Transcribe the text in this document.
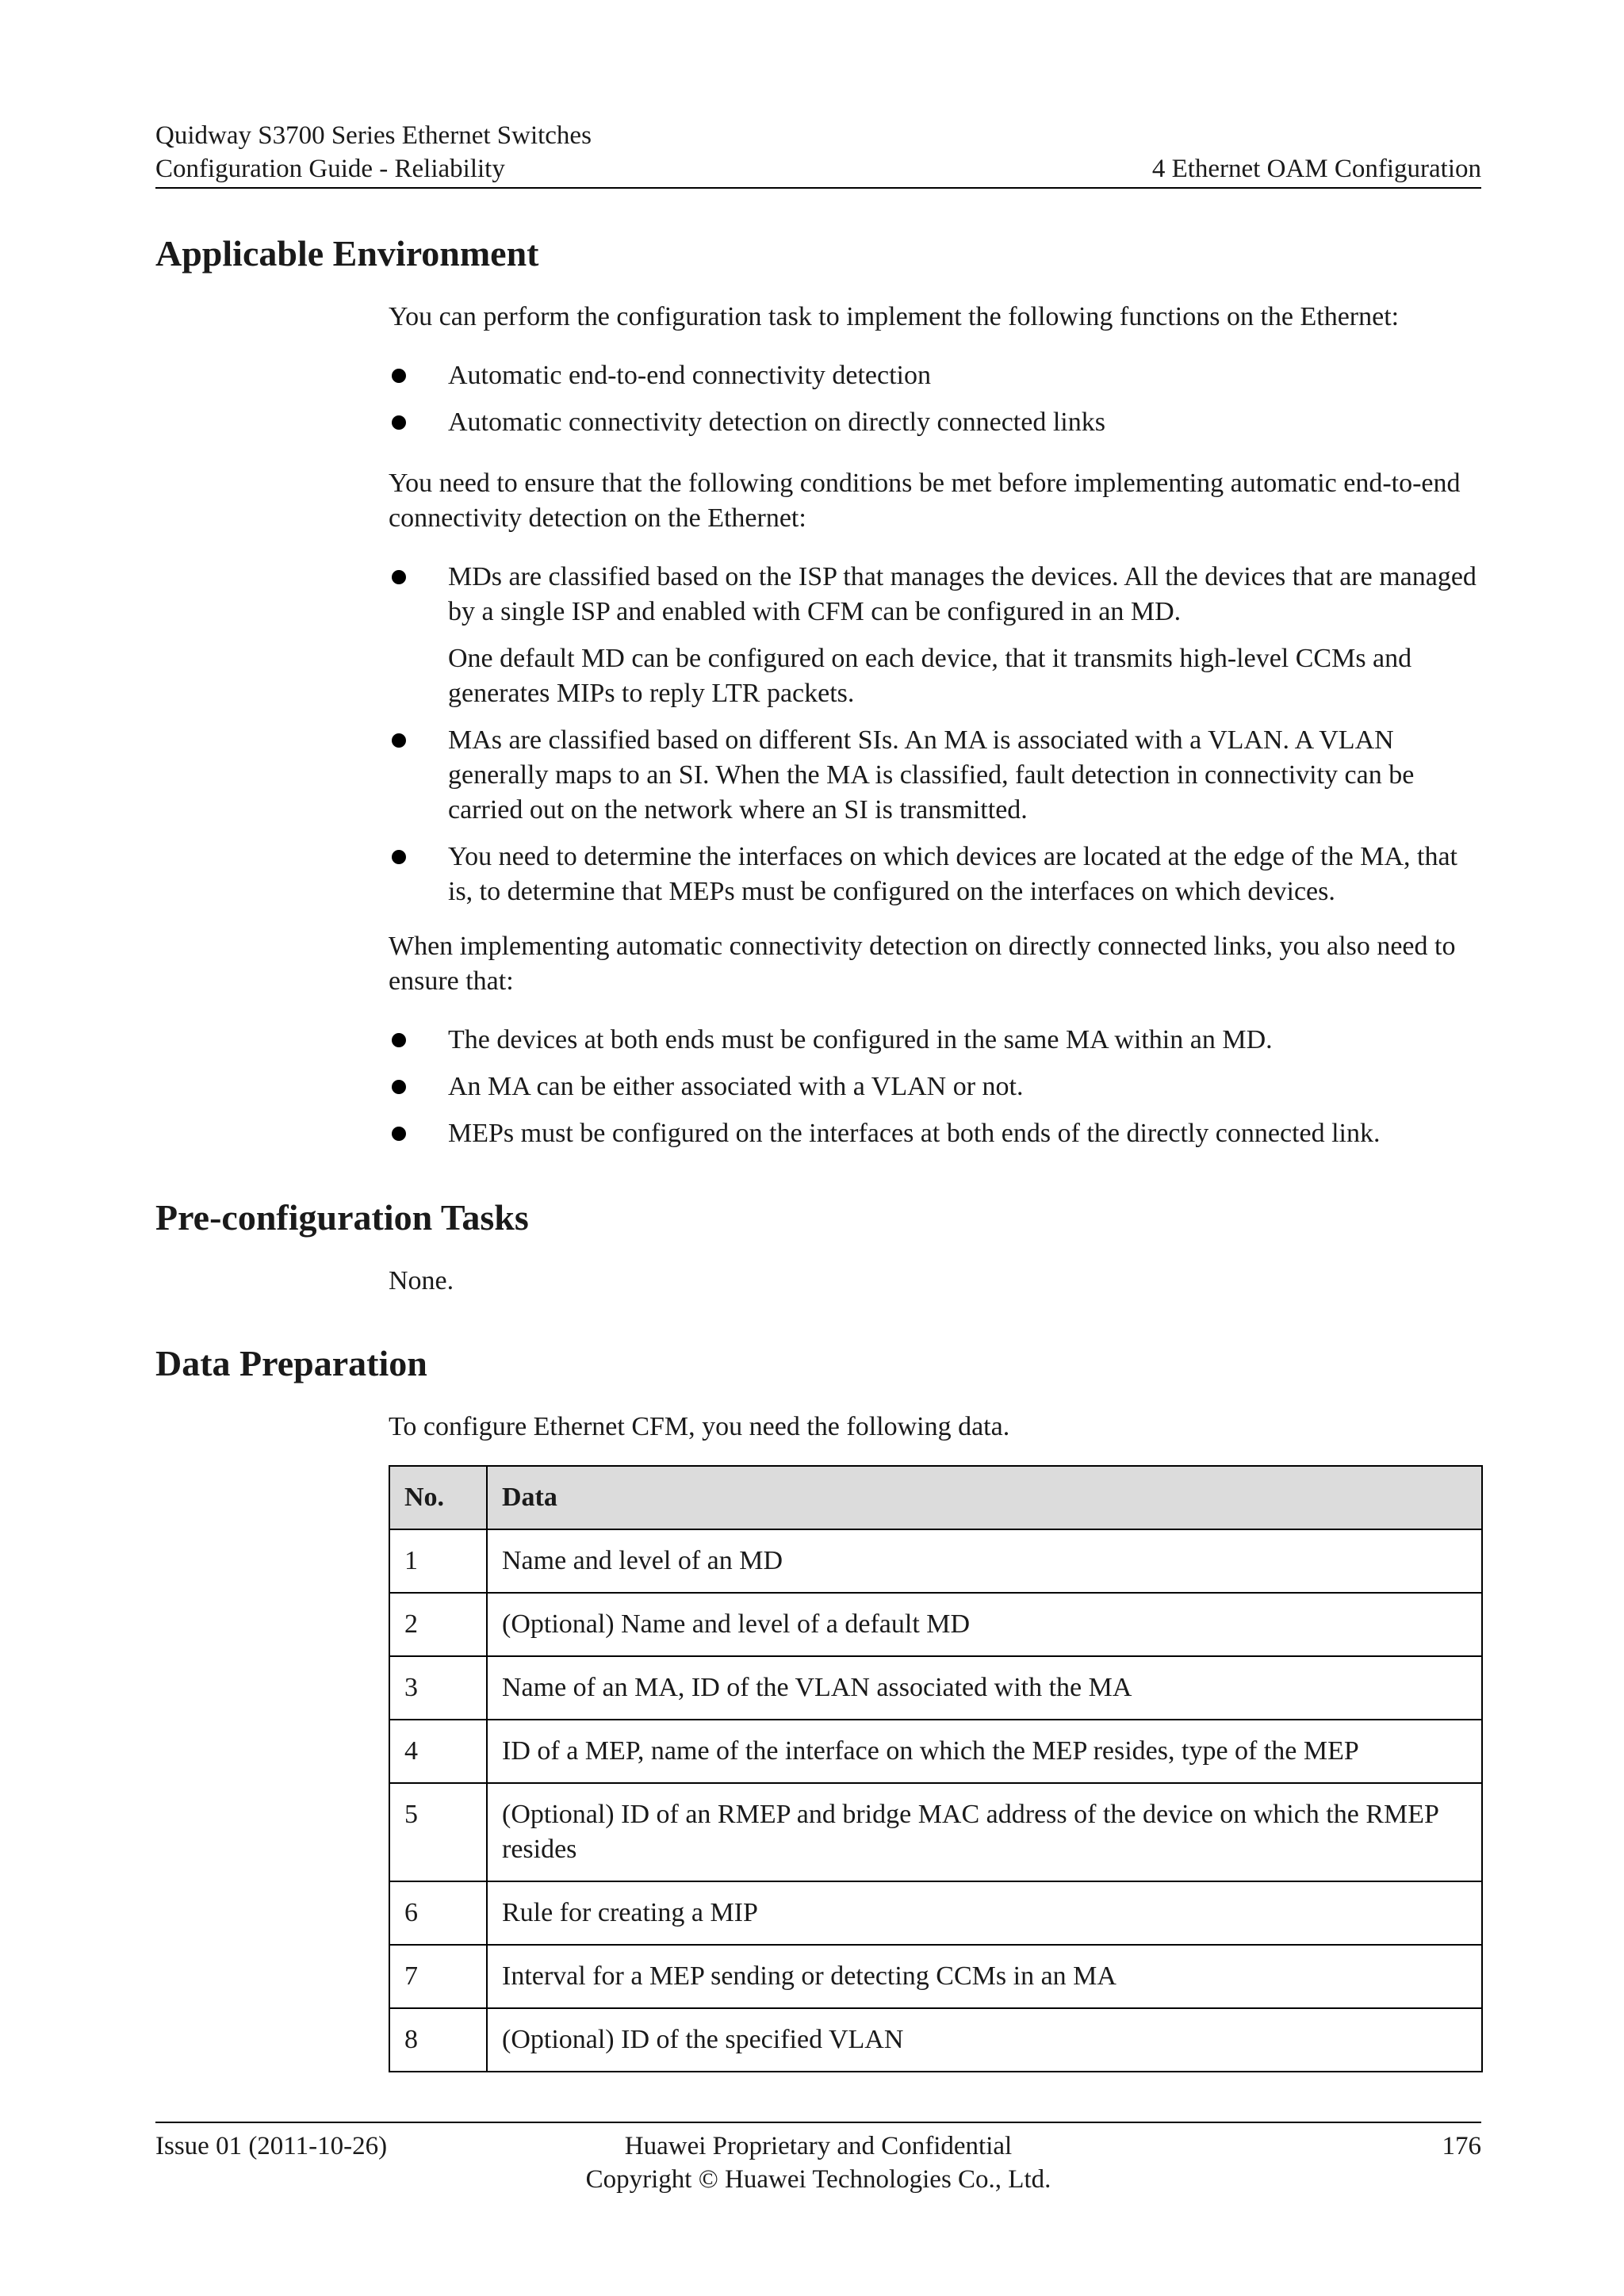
Quidway S3700 Series Ethernet Switches
Configuration Guide - Reliability	4 Ethernet OAM Configuration
Applicable Environment

You can perform the configuration task to implement the following functions on the Ethernet:

Automatic end-to-end connectivity detection
Automatic connectivity detection on directly connected links

You need to ensure that the following conditions be met before implementing automatic end-to-end connectivity detection on the Ethernet:

MDs are classified based on the ISP that manages the devices. All the devices that are managed by a single ISP and enabled with CFM can be configured in an MD.

One default MD can be configured on each device, that it transmits high-level CCMs and generates MIPs to reply LTR packets.

MAs are classified based on different SIs. An MA is associated with a VLAN. A VLAN generally maps to an SI. When the MA is classified, fault detection in connectivity can be carried out on the network where an SI is transmitted.
You need to determine the interfaces on which devices are located at the edge of the MA, that is, to determine that MEPs must be configured on the interfaces on which devices.

When implementing automatic connectivity detection on directly connected links, you also need to ensure that:

The devices at both ends must be configured in the same MA within an MD.
An MA can be either associated with a VLAN or not.
MEPs must be configured on the interfaces at both ends of the directly connected link.
Pre-configuration Tasks

None.

Data Preparation

To configure Ethernet CFM, you need the following data.

No.	Data
1	Name and level of an MD
2	(Optional) Name and level of a default MD
3	Name of an MA, ID of the VLAN associated with the MA
4	ID of a MEP, name of the interface on which the MEP resides, type of the MEP
5	(Optional) ID of an RMEP and bridge MAC address of the device on which the RMEP resides
6	Rule for creating a MIP
7	Interval for a MEP sending or detecting CCMs in an MA
8	(Optional) ID of the specified VLAN
Issue 01 (2011-10-26)	Huawei Proprietary and Confidential
Copyright © Huawei Technologies Co., Ltd.
176
